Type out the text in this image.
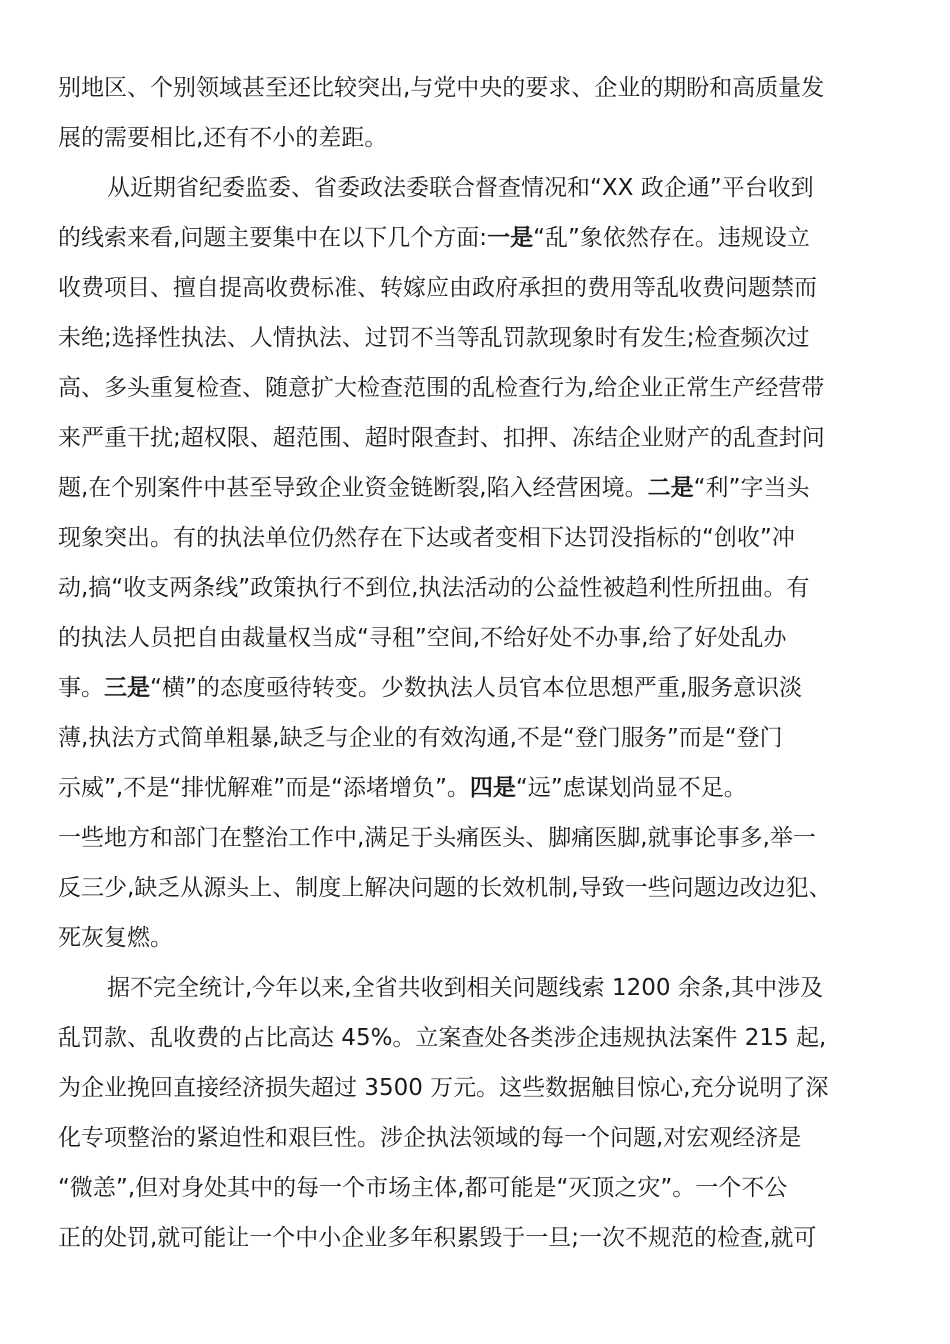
别地区、个别领域甚至还比较突出,与党中央的要求、企业的期盼和高质量发
展的需要相比,还有不小的差距。
从近期省纪委监委、省委政法委联合督查情况和“XX 政企通”平台收到
的线索来看,问题主要集中在以下几个方面:一是“乱”象依然存在。违规设立
收费项目、擅自提高收费标准、转嫁应由政府承担的费用等乱收费问题禁而
未绝;选择性执法、人情执法、过罚不当等乱罚款现象时有发生;检查频次过
高、多头重复检查、随意扩大检查范围的乱检查行为,给企业正常生产经营带
来严重干扰;超权限、超范围、超时限查封、扣押、冻结企业财产的乱查封问
题,在个别案件中甚至导致企业资金链断裂,陷入经营困境。二是“利”字当头
现象突出。有的执法单位仍然存在下达或者变相下达罚没指标的“创收”冲
动,搞“收支两条线”政策执行不到位,执法活动的公益性被趋利性所扭曲。有
的执法人员把自由裁量权当成“寻租”空间,不给好处不办事,给了好处乱办
事。三是“横”的态度亟待转变。少数执法人员官本位思想严重,服务意识淡
薄,执法方式简单粗暴,缺乏与企业的有效沟通,不是“登门服务”而是“登门
示威”,不是“排忧解难”而是“添堵增负”。四是“远”虑谋划尚显不足。
一些地方和部门在整治工作中,满足于头痛医头、脚痛医脚,就事论事多,举一
反三少,缺乏从源头上、制度上解决问题的长效机制,导致一些问题边改边犯、
死灰复燃。
据不完全统计,今年以来,全省共收到相关问题线索 1200 余条,其中涉及
乱罚款、乱收费的占比高达 45%。立案查处各类涉企违规执法案件 215 起,
为企业挽回直接经济损失超过 3500 万元。这些数据触目惊心,充分说明了深
化专项整治的紧迫性和艰巨性。涉企执法领域的每一个问题,对宏观经济是
“微恙”,但对身处其中的每一个市场主体,都可能是“灭顶之灾”。一个不公
正的处罚,就可能让一个中小企业多年积累毁于一旦;一次不规范的检查,就可
